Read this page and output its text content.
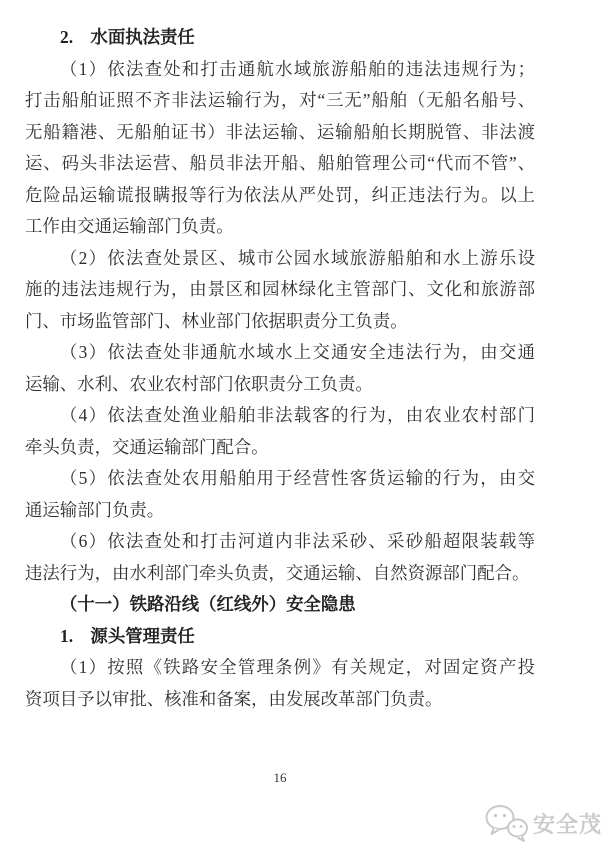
2.　水面执法责任
（1）依法查处和打击通航水域旅游船舶的违法违规行为；
打击船舶证照不齐非法运输行为，对“三无”船舶（无船名船号、
无船籍港、无船舶证书）非法运输、运输船舶长期脱管、非法渡
运、码头非法运营、船员非法开船、船舶管理公司“代而不管”、
危险品运输谎报瞒报等行为依法从严处罚，纠正违法行为。以上
工作由交通运输部门负责。
（2）依法查处景区、城市公园水域旅游船舶和水上游乐设
施的违法违规行为，由景区和园林绿化主管部门、文化和旅游部
门、市场监管部门、林业部门依据职责分工负责。
（3）依法查处非通航水域水上交通安全违法行为，由交通
运输、水利、农业农村部门依职责分工负责。
（4）依法查处渔业船舶非法载客的行为，由农业农村部门
牵头负责，交通运输部门配合。
（5）依法查处农用船舶用于经营性客货运输的行为，由交
通运输部门负责。
（6）依法查处和打击河道内非法采砂、采砂船超限装载等
违法行为，由水利部门牵头负责，交通运输、自然资源部门配合。
（十一）铁路沿线（红线外）安全隐患
1.　源头管理责任
（1）按照《铁路安全管理条例》有关规定，对固定资产投
资项目予以审批、核准和备案，由发展改革部门负责。
16
安全茂
